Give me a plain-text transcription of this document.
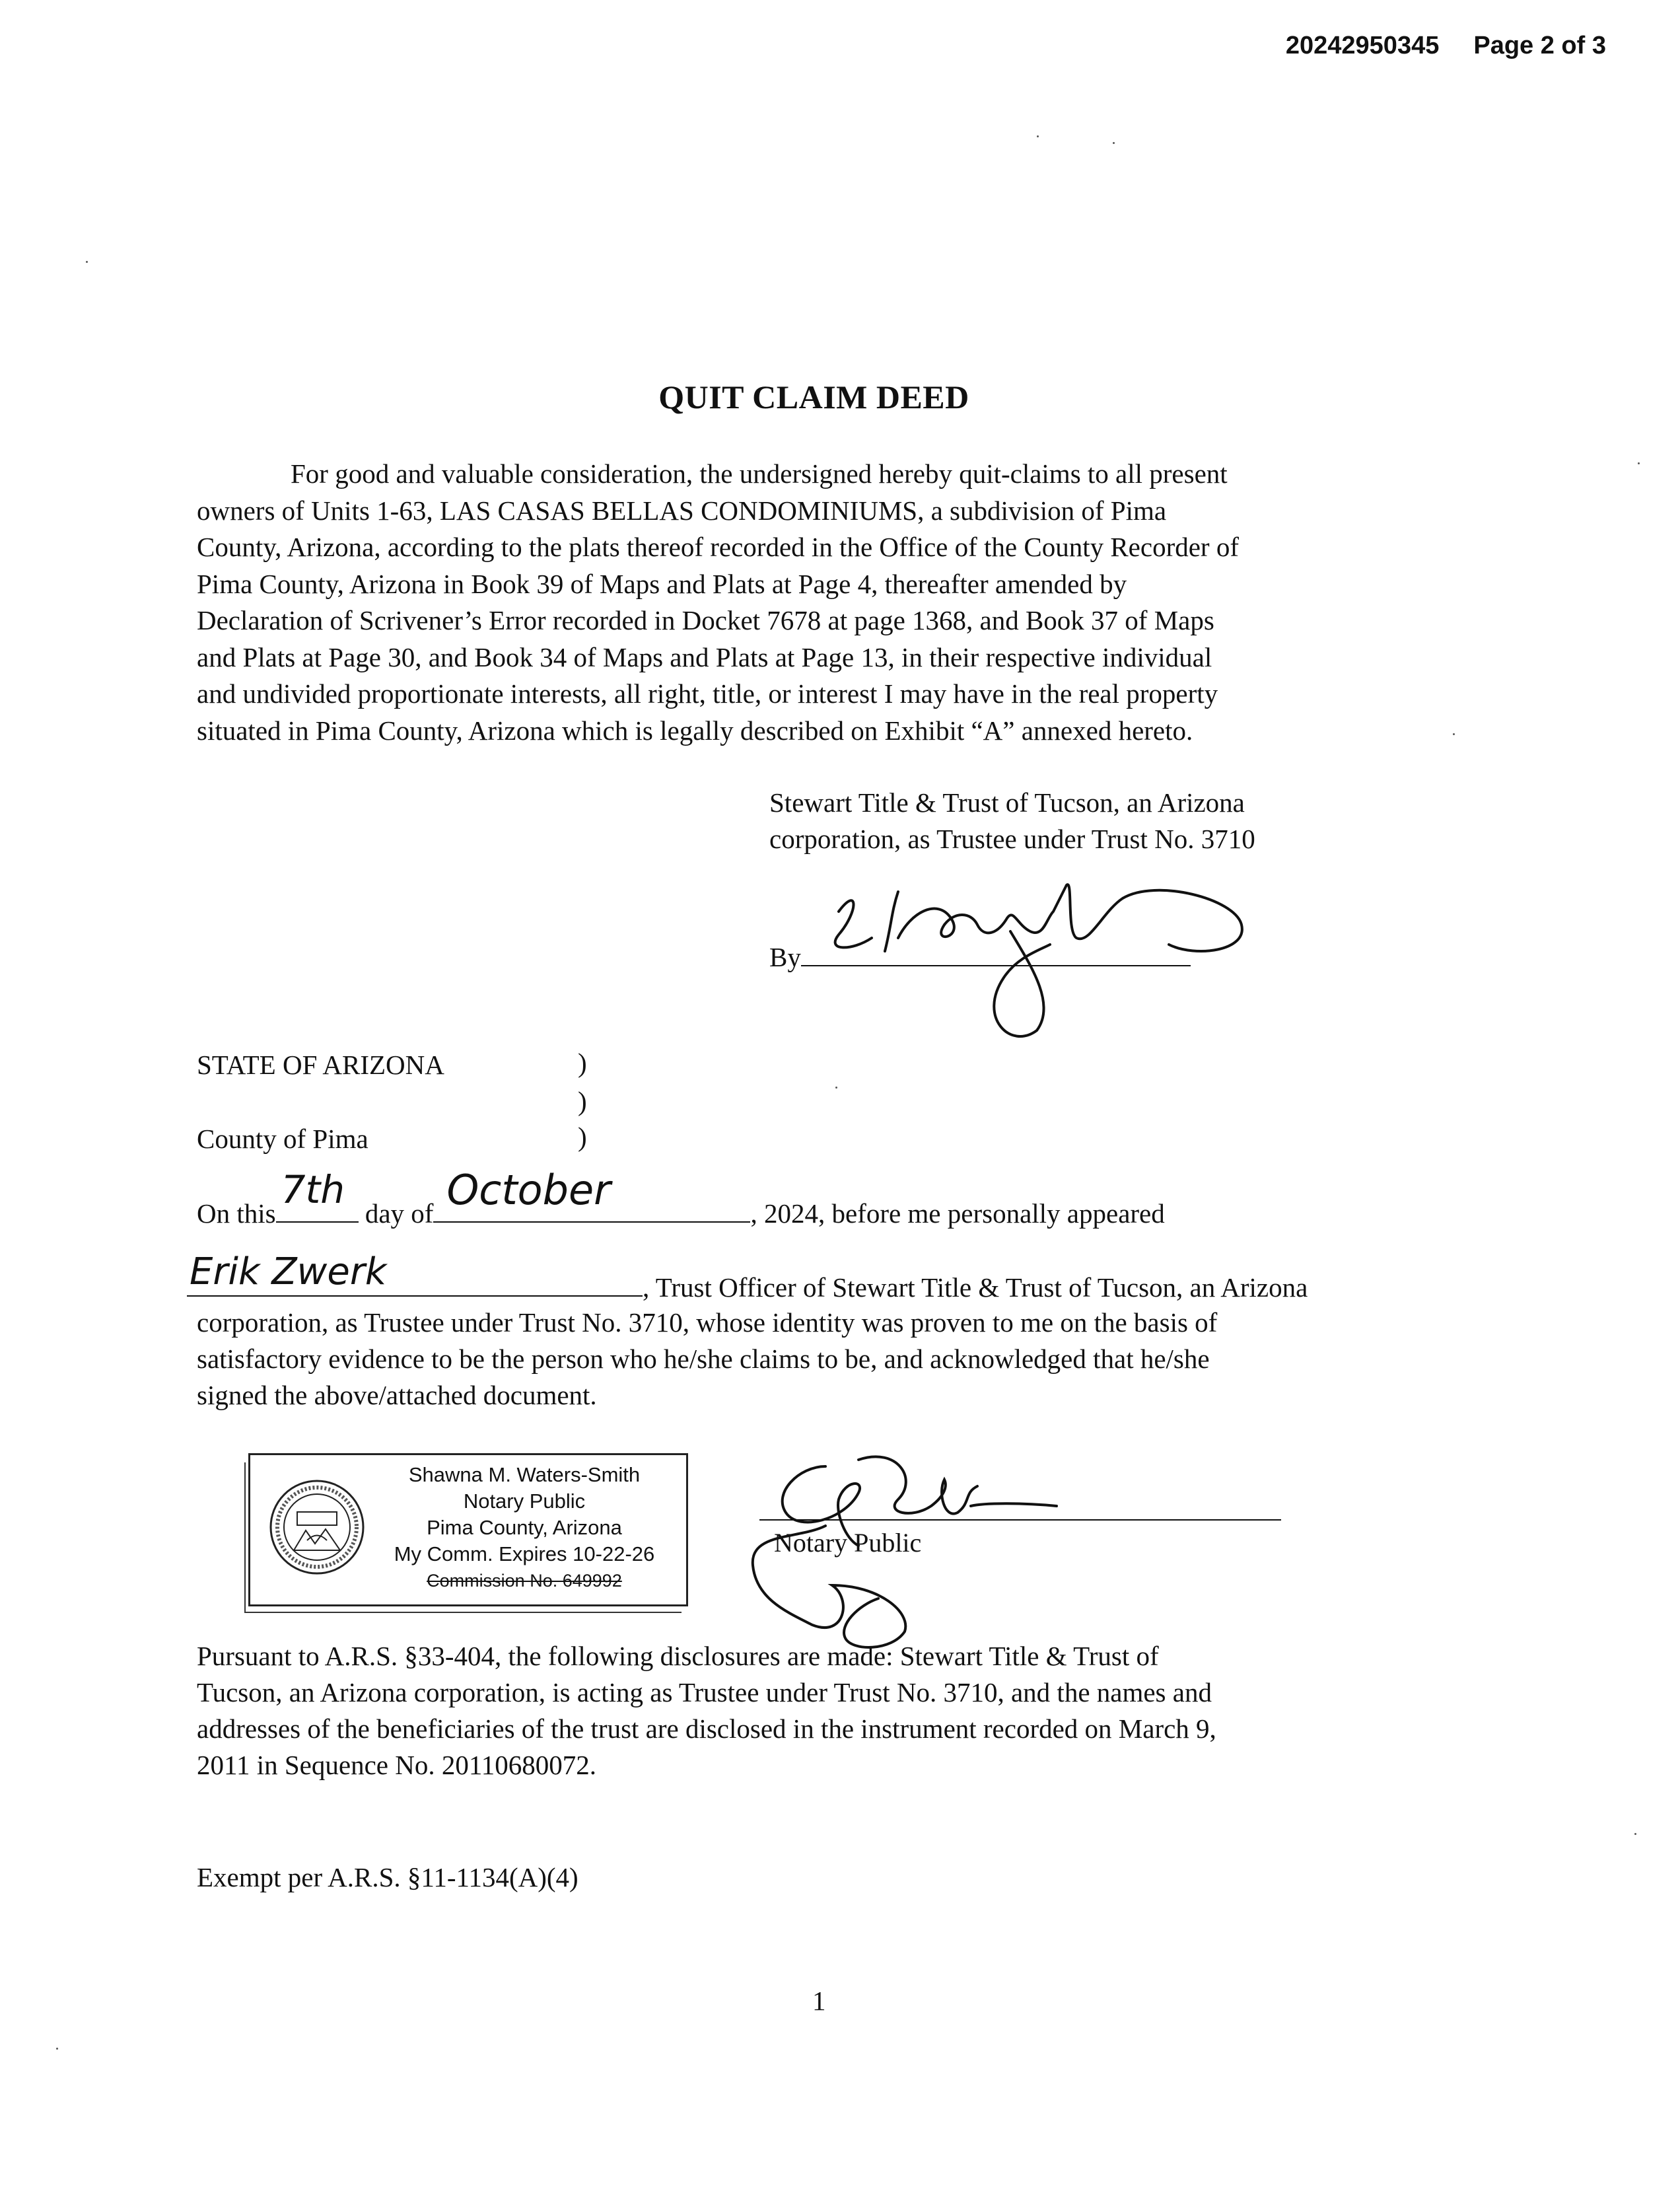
20242950345 Page 2 of 3
QUIT CLAIM DEED
For good and valuable consideration, the undersigned hereby quit-claims to all present
owners of Units 1-63, LAS CASAS BELLAS CONDOMINIUMS, a subdivision of Pima
County, Arizona, according to the plats thereof recorded in the Office of the County Recorder of
Pima County, Arizona in Book 39 of Maps and Plats at Page 4, thereafter amended by
Declaration of Scrivener’s Error recorded in Docket 7678 at page 1368, and Book 37 of Maps
and Plats at Page 30, and Book 34 of Maps and Plats at Page 13, in their respective individual
and undivided proportionate interests, all right, title, or interest I may have in the real property
situated in Pima County, Arizona which is legally described on Exhibit “A” annexed hereto.
Stewart Title & Trust of Tucson, an Arizona
corporation, as Trustee under Trust No. 3710
By
STATE OF ARIZONA	)
)
County of Pima	)
On this
7th
day of October	, 2024, before me personally appeared
Erik Zwerk	, Trust Officer of Stewart Title & Trust of Tucson, an Arizona
corporation, as Trustee under Trust No. 3710, whose identity was proven to me on the basis of
satisfactory evidence to be the person who he/she claims to be, and acknowledged that he/she
signed the above/attached document.
Shawna M. Waters-Smith
Notary Public
Pima County, Arizona
My Comm. Expires 10-22-26
Commission No. 649992
Notary Public
Pursuant to A.R.S. §33-404, the following disclosures are made: Stewart Title & Trust of
Tucson, an Arizona corporation, is acting as Trustee under Trust No. 3710, and the names and
addresses of the beneficiaries of the trust are disclosed in the instrument recorded on March 9,
2011 in Sequence No. 20110680072.
Exempt per A.R.S. §11-1134(A)(4)
1
